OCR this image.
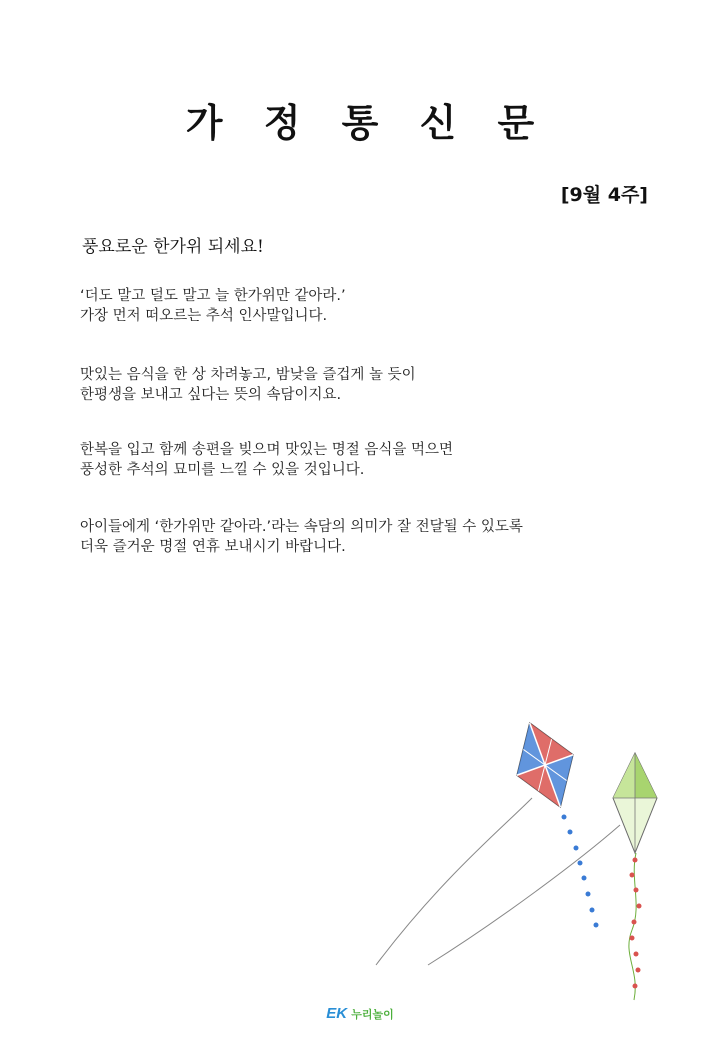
가 정 통 신 문
[9월 4주]
풍요로운 한가위 되세요!
‘더도 말고 덜도 말고 늘 한가위만 같아라.’
가장 먼저 떠오르는 추석 인사말입니다.
맛있는 음식을 한 상 차려놓고, 밤낮을 즐겁게 놀 듯이
한평생을 보내고 싶다는 뜻의 속담이지요.
한복을 입고 함께 송편을 빚으며 맛있는 명절 음식을 먹으면
풍성한 추석의 묘미를 느낄 수 있을 것입니다.
아이들에게 ‘한가위만 같아라.’라는 속담의 의미가 잘 전달될 수 있도록
더욱 즐거운 명절 연휴 보내시기 바랍니다.
EK 누리놀이
